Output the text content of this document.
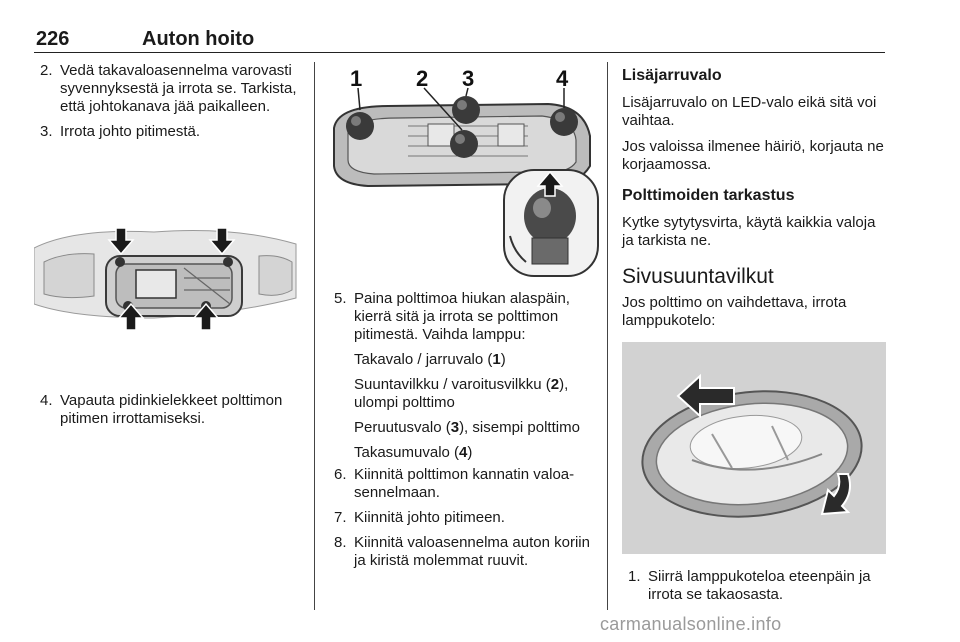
226	Auton hoito
2. Vedä takavaloasennelma varovasti syvennyksestä ja irrota se. Tarkista, että johtokanava jää paikalleen.
3. Irrota johto pitimestä.
4. Vapauta pidinkielekkeet polttimon pitimen irrottamiseksi.
1 2 3	4
5. Paina polttimoa hiukan alaspäin, kierrä sitä ja irrota se polttimon pitimestä. Vaihda lamppu:
Takavalo / jarruvalo (1)
Suuntavilkku / varoitusvilkku (2), ulompi polttimo
Peruutusvalo (3), sisempi polttimo
Takasumuvalo (4)
6. Kiinnitä polttimon kannatin valoasennelmaan.
7. Kiinnitä johto pitimeen.
8. Kiinnitä valoasennelma auton koriin ja kiristä molemmat ruuvit.
Lisäjarruvalo
Lisäjarruvalo on LED-valo eikä sitä voi vaihtaa.
Jos valoissa ilmenee häiriö, korjauta ne korjaamossa.
Polttimoiden tarkastus
Kytke sytytysvirta, käytä kaikkia valoja ja tarkista ne.
Sivusuuntavilkut
Jos polttimo on vaihdettava, irrota lamppukotelo:
1. Siirrä lamppukoteloa eteenpäin ja irrota se takaosasta.
carmanualsonline.info
